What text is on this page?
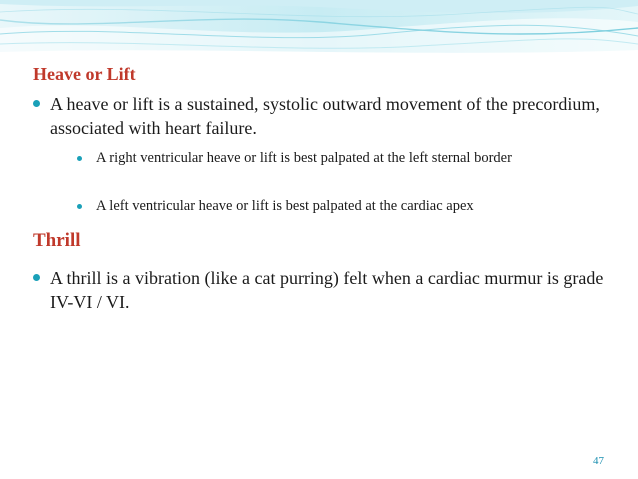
Heave or Lift
A heave or lift is a sustained, systolic outward movement of the precordium, associated with heart failure.
A right ventricular heave or lift is best palpated at the left sternal border
A left ventricular heave or lift is best palpated at the cardiac apex
Thrill
A thrill is a vibration (like a cat purring) felt when a cardiac murmur is grade IV-VI / VI.
47
